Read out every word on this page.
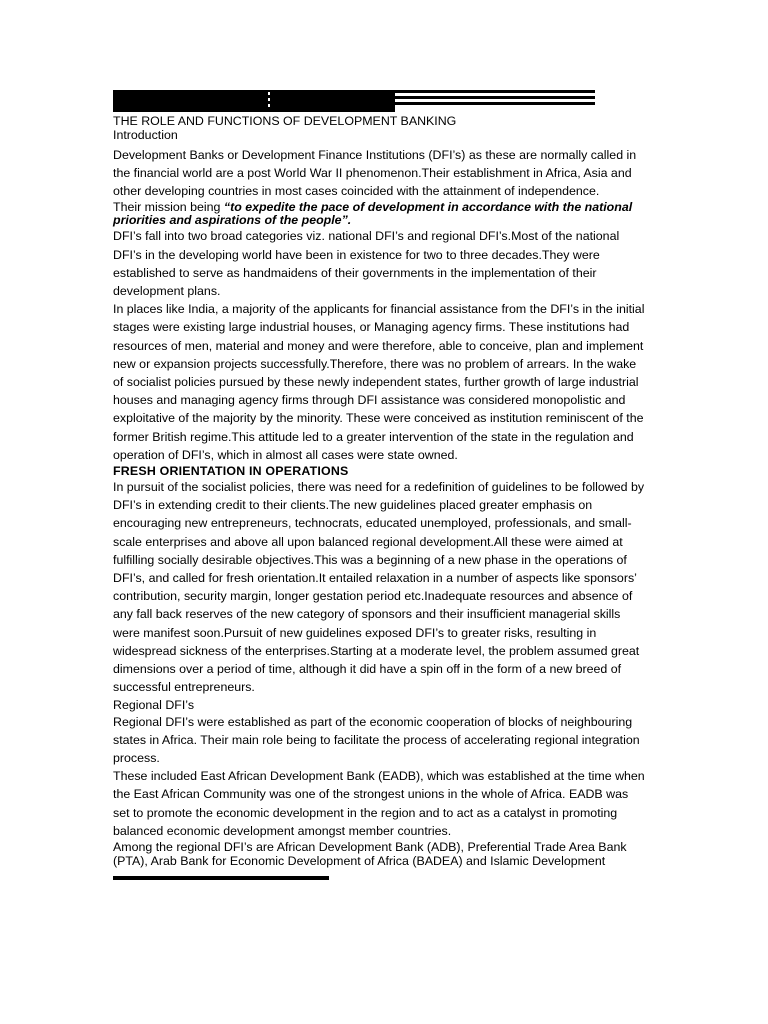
THE ROLE AND FUNCTIONS OF DEVELOPMENT BANKING
Introduction

Development Banks or Development Finance Institutions (DFI’s) as these are normally called in the financial world are a post World War II phenomenon.Their establishment in Africa, Asia and other developing countries in most cases coincided with the attainment of independence.

Their mission being “to expedite the pace of development in accordance with the national priorities and aspirations of the people”.

DFI’s fall into two broad categories viz. national DFI’s and regional DFI’s.Most of the national DFI’s in the developing world have been in existence for two to three decades.They were established to serve as handmaidens of their governments in the implementation of their development plans.

In places like India, a majority of the applicants for financial assistance from the DFI’s in the initial stages were existing large industrial houses, or Managing agency firms. These institutions had resources of men, material and money and were therefore, able to conceive, plan and implement new or expansion projects successfully.Therefore, there was no problem of arrears. In the wake of socialist policies pursued by these newly independent states, further growth of large industrial houses and managing agency firms through DFI assistance was considered monopolistic and exploitative of the majority by the minority. These were conceived as institution reminiscent of the former British regime.This attitude led to a greater intervention of the state in the regulation and operation of DFI’s, which in almost all cases were state owned.

FRESH ORIENTATION IN OPERATIONS

In pursuit of the socialist policies, there was need for a redefinition of guidelines to be followed by DFI’s in extending credit to their clients.The new guidelines placed greater emphasis on encouraging new entrepreneurs, technocrats, educated unemployed, professionals, and small-scale enterprises and above all upon balanced regional development.All these were aimed at fulfilling socially desirable objectives.This was a beginning of a new phase in the operations of DFI’s, and called for fresh orientation.It entailed relaxation in a number of aspects like sponsors’ contribution, security margin, longer gestation period etc.Inadequate resources and absence of any fall back reserves of the new category of sponsors and their insufficient managerial skills were manifest soon.Pursuit of new guidelines exposed DFI’s to greater risks, resulting in widespread sickness of the enterprises.Starting at a moderate level, the problem assumed great dimensions over a period of time, although it did have a spin off in the form of a new breed of successful entrepreneurs.

Regional DFI’s

Regional DFI’s were established as part of the economic cooperation of blocks of neighbouring states in Africa. Their main role being to facilitate the process of accelerating regional integration process.

These included East African Development Bank (EADB), which was established at the time when the East African Community was one of the strongest unions in the whole of Africa. EADB was set to promote the economic development in the region and to act as a catalyst in promoting balanced economic development amongst member countries.

Among the regional DFI’s are African Development Bank (ADB), Preferential Trade Area Bank (PTA), Arab Bank for Economic Development of Africa (BADEA) and Islamic Development
